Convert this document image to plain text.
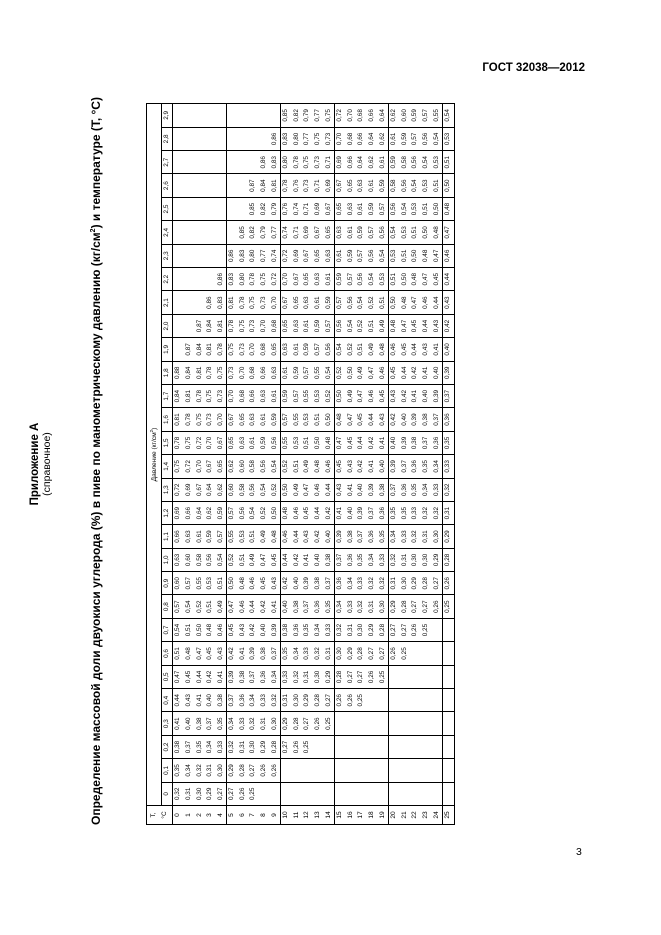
ГОСТ 32038—2012
Приложение А (справочное)	Определение массовой доли двуокиси углерода (%) в пиве по манометрическому давлению $(кг/см^2)$ и температуре (T, °С)
T, °С	Давление $(кг/см^2)$																													
	0	0,1	0,2	0,3	0,4	0,5	0,6	0,7	0,8	0,9	1,0	1,1	1,2	1,3	1,4	1,5	1,6	1,7	1,8	1,9	2,0	2,1	2,2	2,3	2,4	2,5	2,6	2,7	2,8	2,9
0	0,32	0,35	0,38	0,41	0,44	0,47	0,51	0,54	0,57	0,60	0,63	0,66	0,69	0,72	0,75	0,78	0,81	0,84	0,88											
1	0,31	0,34	0,37	0,40	0,43	0,45	0,48	0,51	0,54	0,57	0,60	0,63	0,66	0,69	0,72	0,75	0,78	0,81	0,84	0,87										
2	0,30	0,32	0,35	0,38	0,41	0,44	0,47	0,50	0,52	0,55	0,58	0,61	0,64	0,67	0,70	0,72	0,75	0,78	0,81	0,84	0,87									
3	0,29	0,31	0,34	0,37	0,40	0,42	0,45	0,48	0,51	0,53	0,56	0,59	0,62	0,64	0,67	0,70	0,73	0,75	0,78	0,81	0,84	0,86								
4	0,27	0,30	0,33	0,35	0,38	0,41	0,43	0,46	0,49	0,51	0,54	0,57	0,59	0,62	0,65	0,67	0,70	0,73	0,75	0,78	0,81	0,83	0,86							
5	0,27	0,29	0,32	0,34	0,37	0,39	0,42	0,45	0,47	0,50	0,52	0,55	0,57	0,60	0,62	0,65	0,67	0,70	0,73	0,75	0,78	0,81	0,83	0,86						
6	0,26	0,28	0,31	0,33	0,36	0,38	0,41	0,43	0,46	0,48	0,51	0,53	0,56	0,58	0,60	0,63	0,65	0,68	0,70	0,73	0,75	0,78	0,80	0,83	0,85					
7	0,25	0,27	0,30	0,32	0,34	0,37	0,39	0,42	0,44	0,46	0,49	0,51	0,54	0,56	0,58	0,61	0,63	0,66	0,68	0,70	0,73	0,75	0,78	0,80	0,82	0,85	0,87			
8		0,26	0,29	0,31	0,33	0,36	0,38	0,40	0,42	0,45	0,47	0,49	0,52	0,54	0,56	0,59	0,61	0,63	0,66	0,68	0,70	0,73	0,75	0,77	0,79	0,82	0,84	0,86		
9		0,26	0,28	0,30	0,32	0,34	0,37	0,39	0,41	0,43	0,45	0,48	0,50	0,52	0,54	0,56	0,59	0,61	0,63	0,65	0,68	0,70	0,72	0,74	0,77	0,79	0,81	0,83	0,86	
10			0,27	0,29	0,31	0,33	0,35	0,38	0,40	0,42	0,44	0,46	0,48	0,50	0,52	0,55	0,57	0,59	0,61	0,63	0,65	0,67	0,70	0,72	0,74	0,76	0,78	0,80	0,83	0,85
11			0,26	0,28	0,30	0,32	0,34	0,36	0,38	0,40	0,42	0,44	0,46	0,49	0,51	0,53	0,55	0,57	0,59	0,61	0,63	0,65	0,67	0,69	0,71	0,74	0,76	0,78	0,80	0,82
12			0,25	0,27	0,29	0,31	0,33	0,35	0,37	0,39	0,41	0,43	0,45	0,47	0,49	0,51	0,53	0,55	0,57	0,59	0,61	0,63	0,65	0,67	0,69	0,71	0,73	0,75	0,77	0,79
13				0,26	0,28	0,30	0,32	0,34	0,36	0,38	0,40	0,42	0,44	0,46	0,48	0,50	0,51	0,53	0,55	0,57	0,59	0,61	0,63	0,65	0,67	0,69	0,71	0,73	0,75	0,77
14				0,25	0,27	0,29	0,31	0,33	0,35	0,37	0,38	0,40	0,42	0,44	0,46	0,48	0,50	0,52	0,54	0,56	0,57	0,59	0,61	0,63	0,65	0,67	0,69	0,71	0,73	0,75
15					0,26	0,28	0,30	0,32	0,34	0,36	0,37	0,39	0,41	0,43	0,45	0,47	0,48	0,50	0,52	0,54	0,56	0,57	0,59	0,61	0,63	0,65	0,67	0,69	0,70	0,72
16					0,26	0,27	0,29	0,31	0,33	0,34	0,36	0,38	0,40	0,41	0,43	0,45	0,47	0,49	0,50	0,52	0,54	0,56	0,57	0,59	0,61	0,63	0,65	0,66	0,68	0,70
17					0,25	0,27	0,28	0,30	0,32	0,33	0,35	0,37	0,39	0,40	0,42	0,44	0,45	0,47	0,49	0,51	0,52	0,54	0,56	0,57	0,59	0,61	0,63	0,64	0,66	0,68
18						0,26	0,27	0,29	0,31	0,32	0,34	0,36	0,37	0,39	0,41	0,42	0,44	0,46	0,47	0,49	0,51	0,52	0,54	0,56	0,57	0,59	0,61	0,62	0,64	0,66
19						0,25	0,27	0,28	0,30	0,32	0,33	0,35	0,36	0,38	0,40	0,41	0,43	0,45	0,46	0,48	0,49	0,51	0,53	0,54	0,56	0,57	0,59	0,61	0,62	0,64
20							0,26	0,27	0,29	0,31	0,32	0,34	0,35	0,37	0,39	0,40	0,42	0,43	0,45	0,46	0,48	0,50	0,51	0,53	0,54	0,56	0,58	0,59	0,61	0,62
21							0,25	0,27	0,28	0,30	0,31	0,33	0,35	0,36	0,37	0,39	0,40	0,42	0,44	0,45	0,47	0,48	0,50	0,51	0,53	0,54	0,56	0,58	0,59	0,60
22								0,26	0,27	0,29	0,30	0,32	0,33	0,35	0,36	0,38	0,39	0,41	0,42	0,44	0,45	0,47	0,48	0,50	0,51	0,53	0,54	0,56	0,57	0,59
23								0,25	0,27	0,28	0,30	0,31	0,32	0,34	0,35	0,37	0,38	0,40	0,41	0,43	0,44	0,46	0,47	0,48	0,50	0,51	0,53	0,54	0,56	0,57
24									0,26	0,27	0,29	0,30	0,32	0,33	0,34	0,36	0,37	0,39	0,40	0,41	0,43	0,44	0,45	0,47	0,48	0,50	0,51	0,53	0,54	0,55
25									0,25	0,26	0,28	0,29	0,31	0,32	0,33	0,35	0,36	0,37	0,39	0,40	0,42	0,43	0,44	0,46	0,47	0,48	0,50	0,51	0,53	0,54
3
